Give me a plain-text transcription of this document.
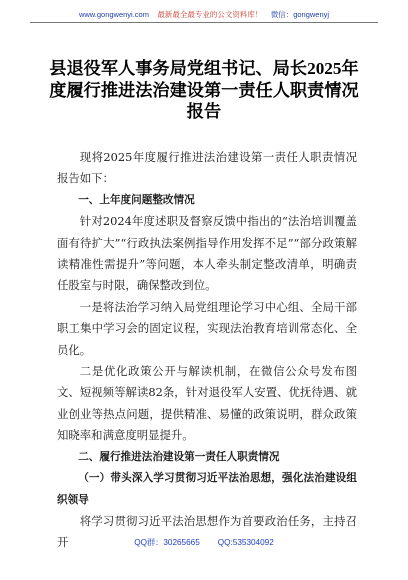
www.gongwenyi.com 最新最全最专业的公文资料库！ 微信：gongwenyj
县退役军人事务局党组书记、局长2025年度履行推进法治建设第一责任人职责情况报告

现将2025年度履行推进法治建设第一责任人职责情况报告如下：

一、上年度问题整改情况

针对2024年度述职及督察反馈中指出的“法治培训覆盖面有待扩大”“行政执法案例指导作用发挥不足”“部分政策解读精准性需提升”等问题，本人牵头制定整改清单，明确责任股室与时限，确保整改到位。

一是将法治学习纳入局党组理论学习中心组、全局干部职工集中学习会的固定议程，实现法治教育培训常态化、全员化。

二是优化政策公开与解读机制，在微信公众号发布图文、短视频等解读82条，针对退役军人安置、优抚待遇、就业创业等热点问题，提供精准、易懂的政策说明，群众政策知晓率和满意度明显提升。

二、履行推进法治建设第一责任人职责情况

（一）带头深入学习贯彻习近平法治思想，强化法治建设组织领导

将学习贯彻习近平法治思想作为首要政治任务，主持召开	QQ群：30265665 QQ:535304092
